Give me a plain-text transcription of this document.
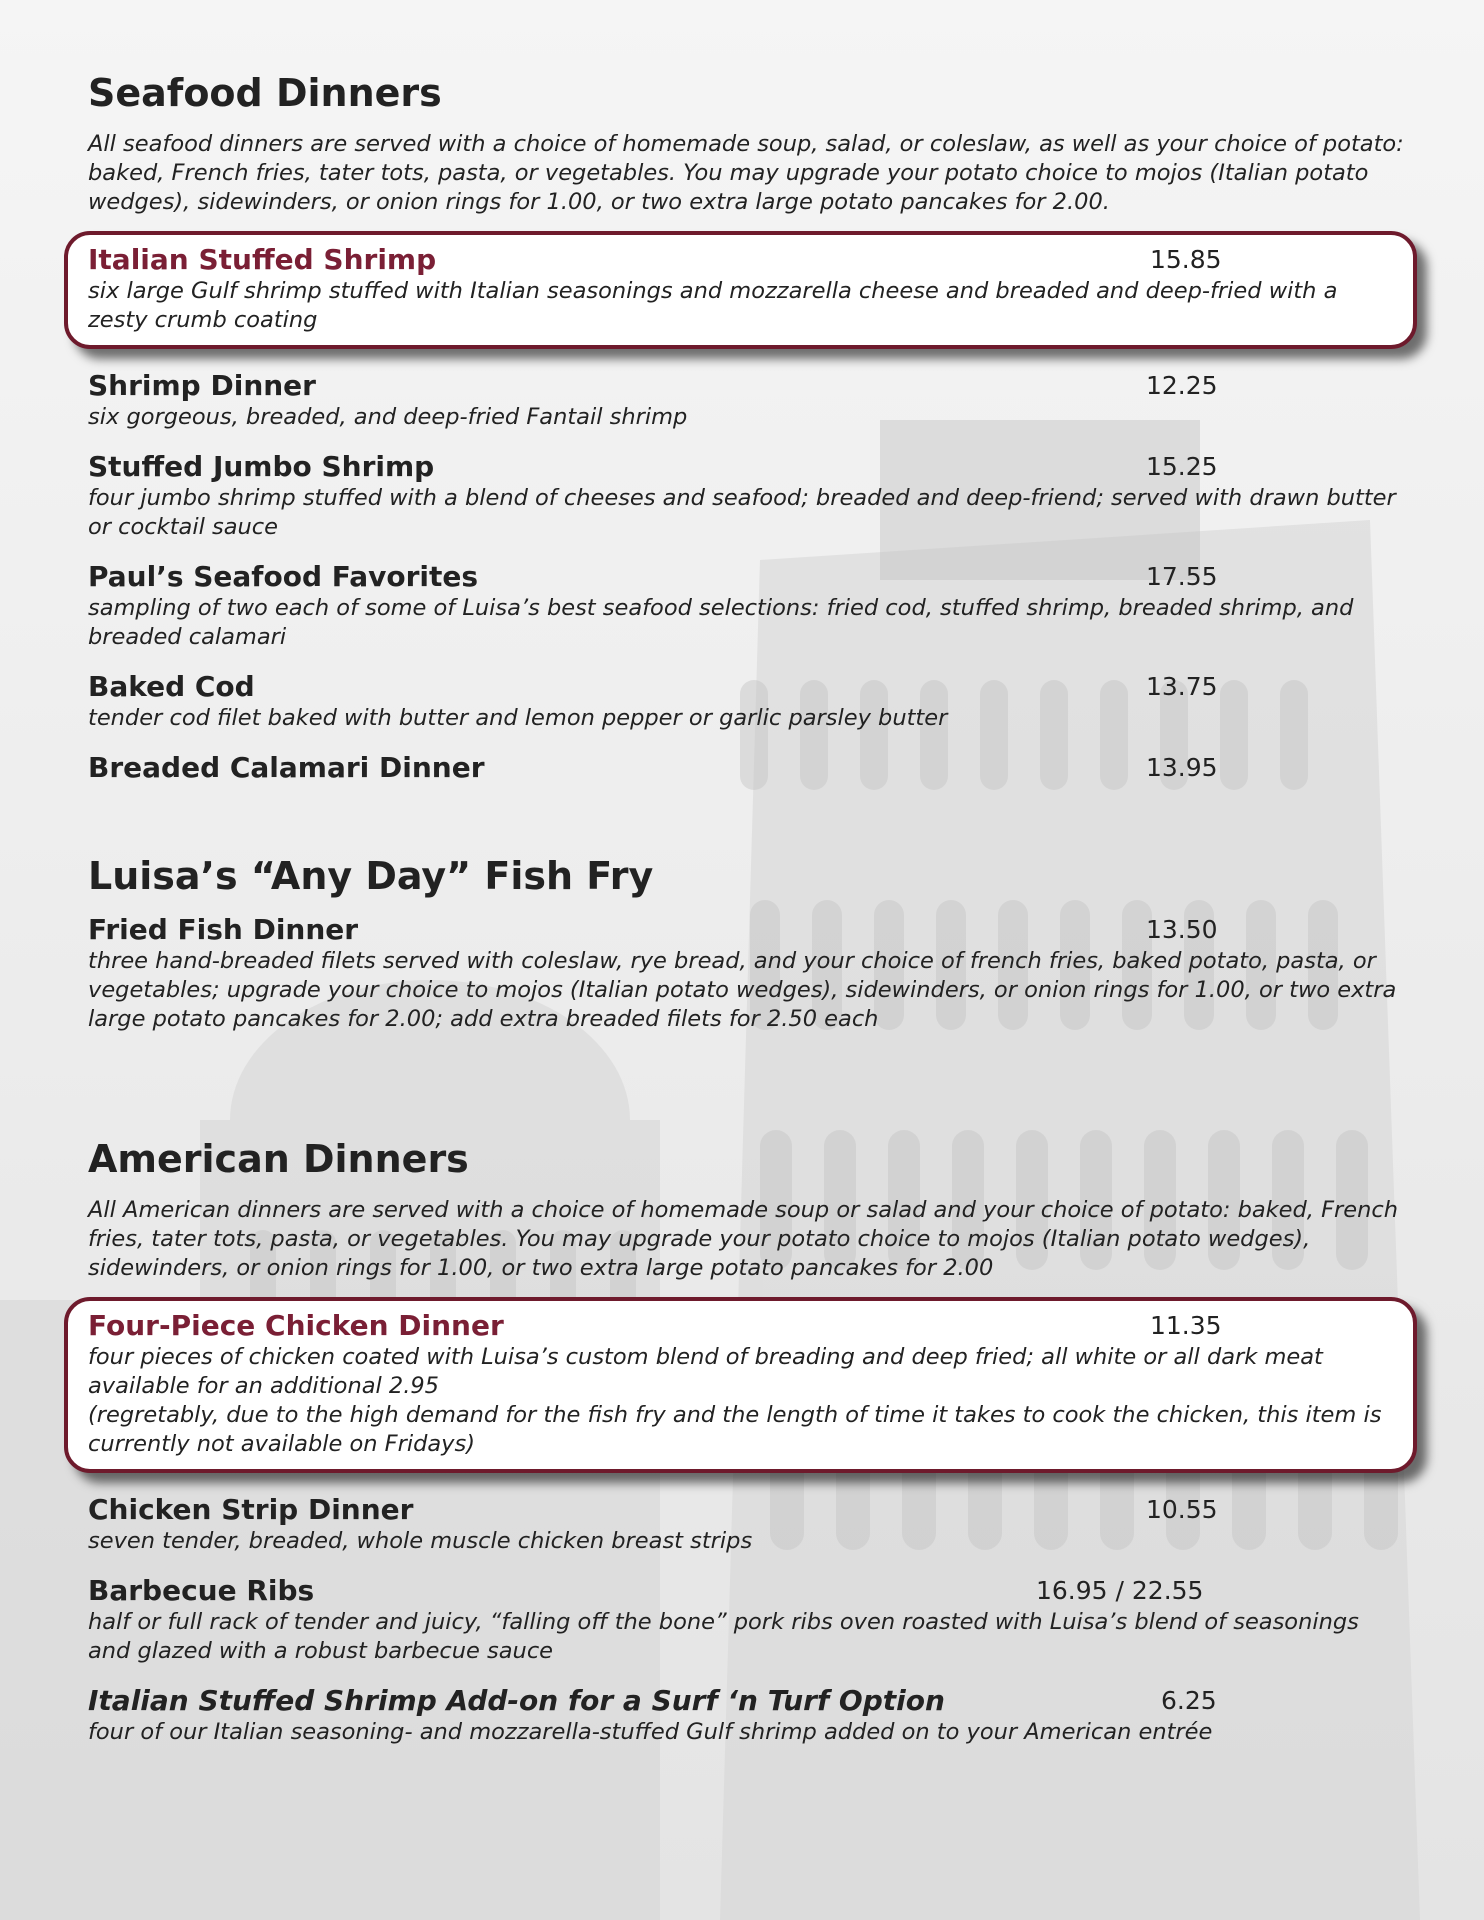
Seafood Dinners

All seafood dinners are served with a choice of homemade soup, salad, or coleslaw, as well as your choice of potato: baked, French fries, tater tots, pasta, or vegetables. You may upgrade your potato choice to mojos (Italian potato wedges), sidewinders, or onion rings for 1.00, or two extra large potato pancakes for 2.00.

Italian Stuffed Shrimp	15.85
six large Gulf shrimp stuffed with Italian seasonings and mozzarella cheese and breaded and deep-fried with a zesty crumb coating
Shrimp Dinner	12.25
six gorgeous, breaded, and deep-fried Fantail shrimp
Stuffed Jumbo Shrimp	15.25
four jumbo shrimp stuffed with a blend of cheeses and seafood; breaded and deep-friend; served with drawn butter or cocktail sauce
Paul’s Seafood Favorites	17.55
sampling of two each of some of Luisa’s best seafood selections: fried cod, stuffed shrimp, breaded shrimp, and breaded calamari
Baked Cod	13.75
tender cod filet baked with butter and lemon pepper or garlic parsley butter
Breaded Calamari Dinner	13.95
Luisa’s “Any Day” Fish Fry
Fried Fish Dinner	13.50
three hand-breaded filets served with coleslaw, rye bread, and your choice of french fries, baked potato, pasta, or vegetables; upgrade your choice to mojos (Italian potato wedges), sidewinders, or onion rings for 1.00, or two extra large potato pancakes for 2.00; add extra breaded filets for 2.50 each
American Dinners

All American dinners are served with a choice of homemade soup or salad and your choice of potato: baked, French fries, tater tots, pasta, or vegetables. You may upgrade your potato choice to mojos (Italian potato wedges), sidewinders, or onion rings for 1.00, or two extra large potato pancakes for 2.00

Four-Piece Chicken Dinner	11.35
four pieces of chicken coated with Luisa’s custom blend of breading and deep fried; all white or all dark meat available for an additional 2.95
(regretably, due to the high demand for the fish fry and the length of time it takes to cook the chicken, this item is currently not available on Fridays)
Chicken Strip Dinner	10.55
seven tender, breaded, whole muscle chicken breast strips
Barbecue Ribs	16.95 / 22.55
half or full rack of tender and juicy, “falling off the bone” pork ribs oven roasted with Luisa’s blend of seasonings and glazed with a robust barbecue sauce
Italian Stuffed Shrimp Add-on for a Surf ‘n Turf Option	6.25
four of our Italian seasoning- and mozzarella-stuffed Gulf shrimp added on to your American entrée
